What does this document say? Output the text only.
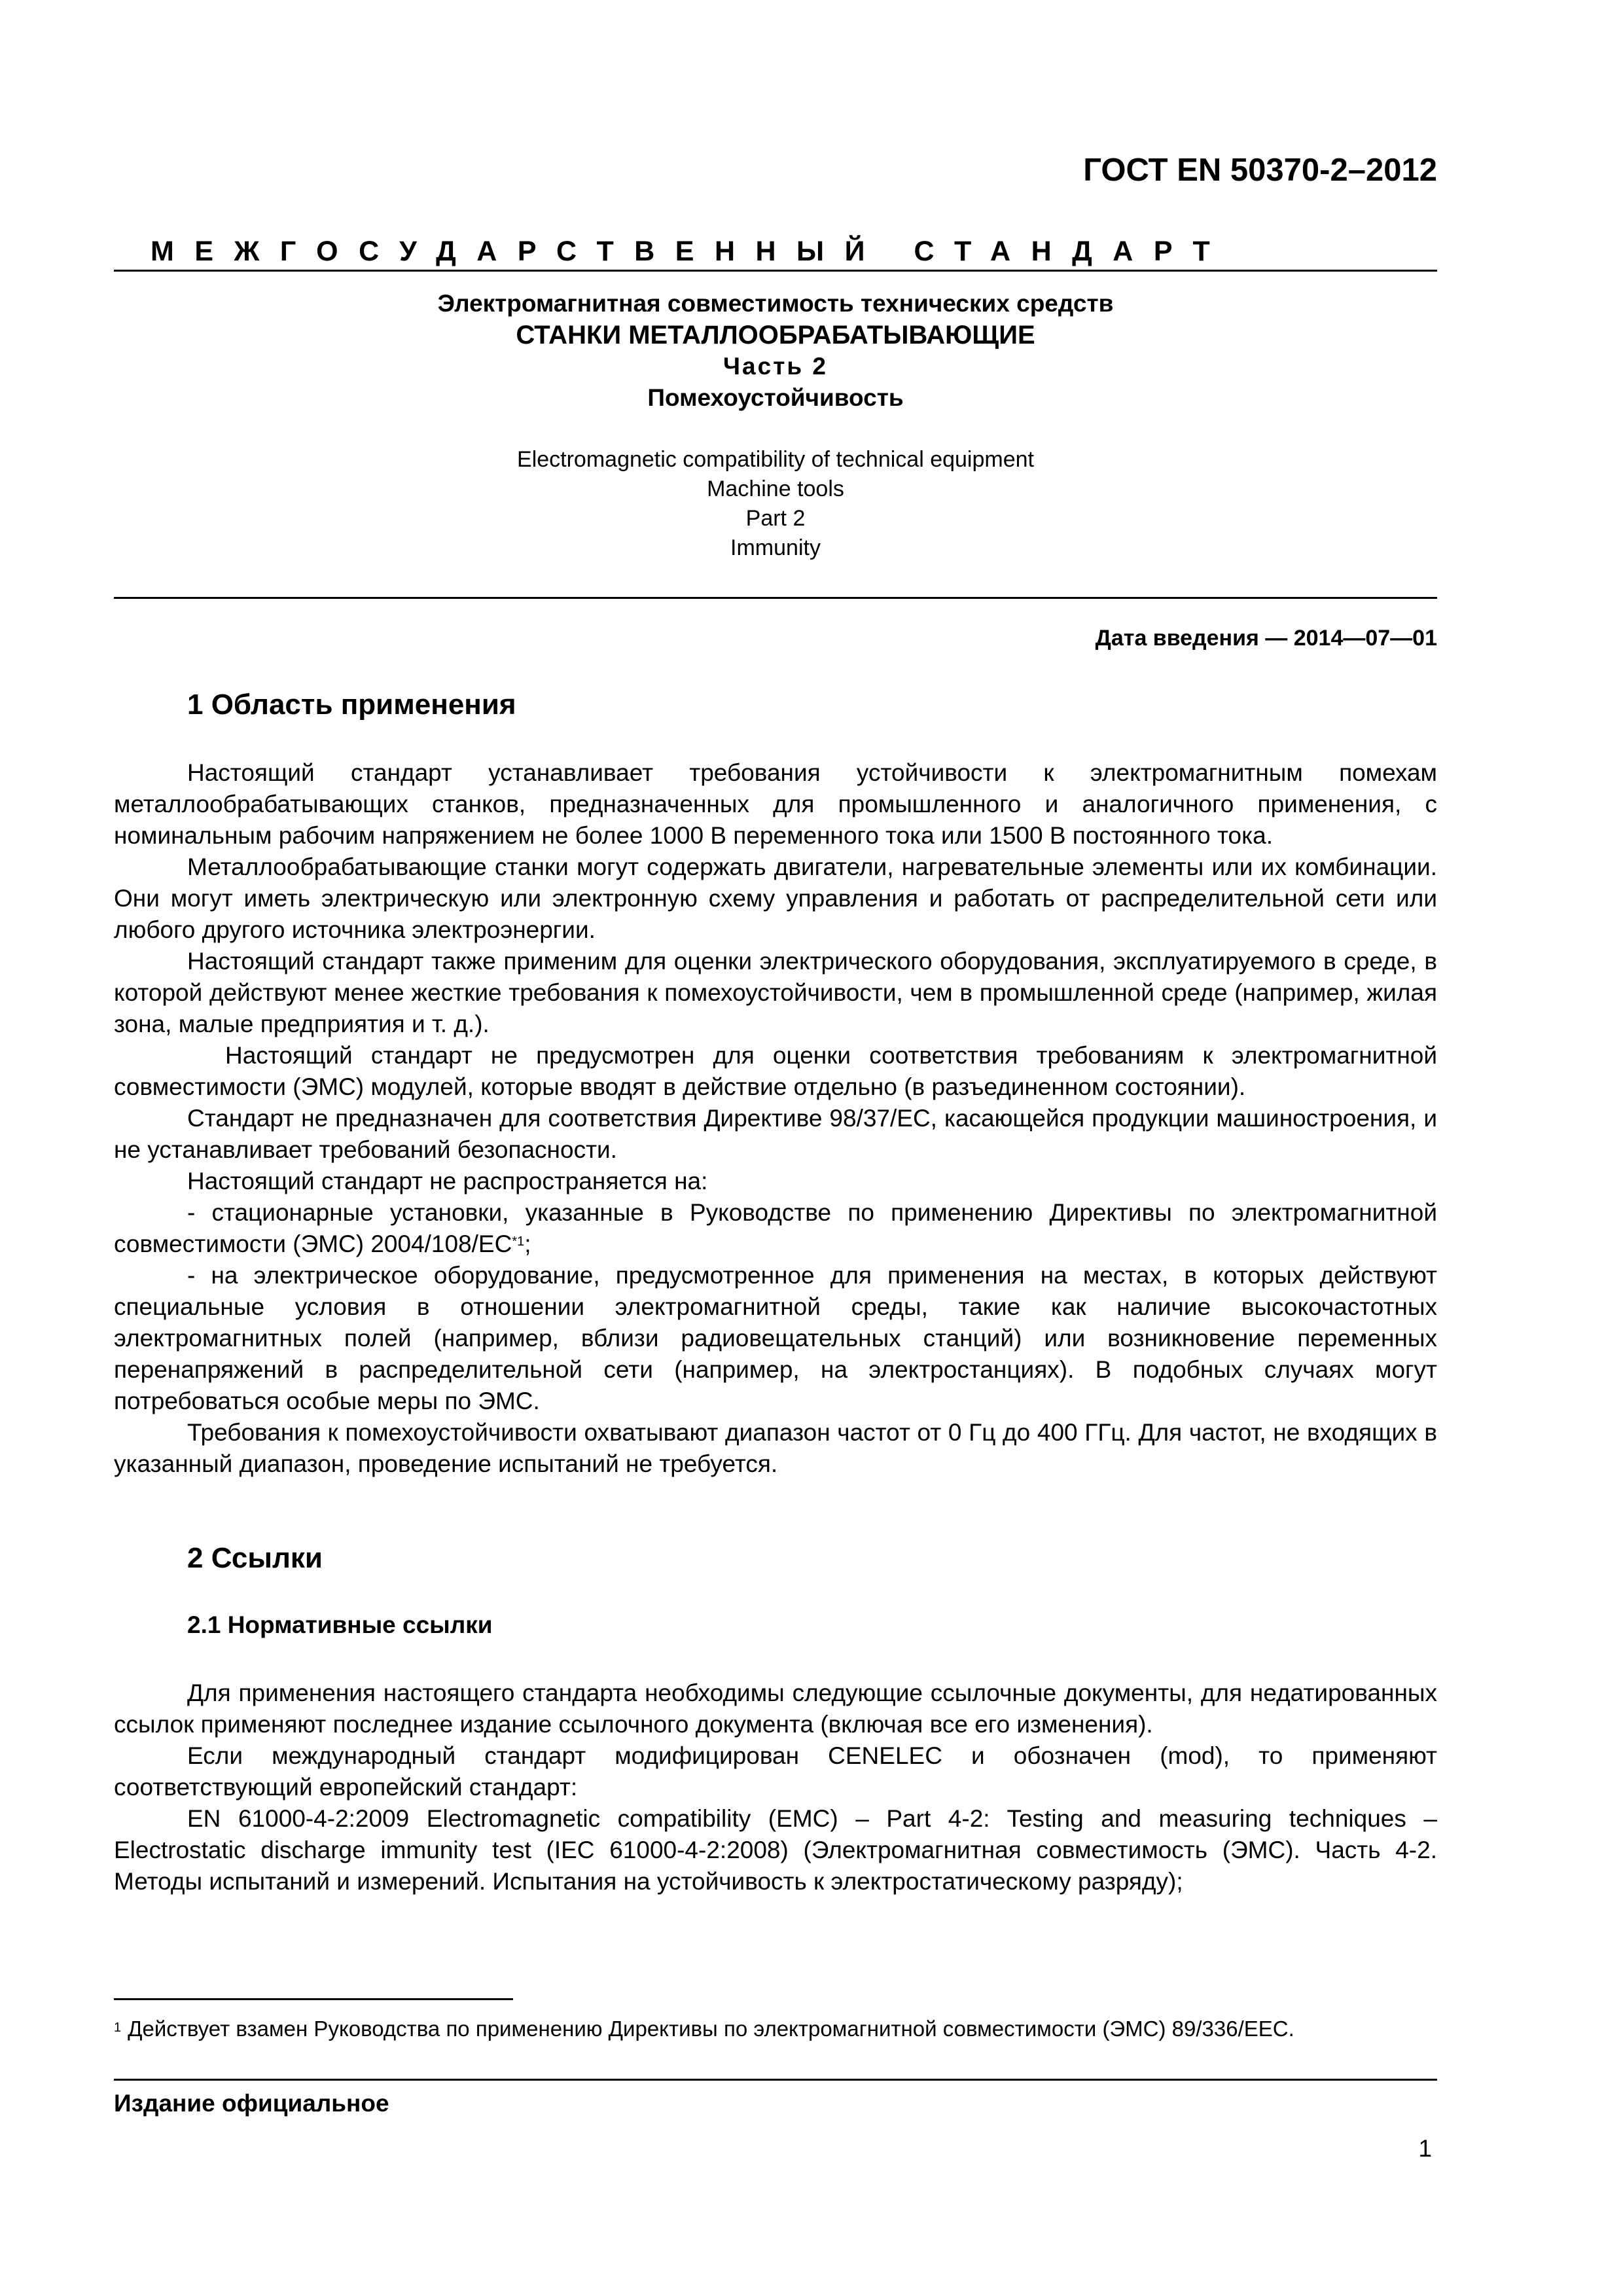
ГОСТ EN 50370-2–2012
МЕЖГОСУДАРСТВЕННЫЙ СТАНДАРТ
Электромагнитная совместимость технических средств
СТАНКИ МЕТАЛЛООБРАБАТЫВАЮЩИЕ
Часть 2
Помехоустойчивость
Electromagnetic compatibility of technical equipment
Machine tools
Part 2
Immunity
Дата введения — 2014—07—01
1 Область применения

Настоящий стандарт устанавливает требования устойчивости к электромагнитным помехам металлообрабатывающих станков, предназначенных для промышленного и аналогичного применения, с номинальным рабочим напряжением не более 1000 В переменного тока или 1500 В постоянного тока.

Металлообрабатывающие станки могут содержать двигатели, нагревательные элементы или их комбинации. Они могут иметь электрическую или электронную схему управления и работать от распределительной сети или любого другого источника электроэнергии.

Настоящий стандарт также применим для оценки электрического оборудования, эксплуатируемого в среде, в которой действуют менее жесткие требования к помехоустойчивости, чем в промышленной среде (например, жилая зона, малые предприятия и т. д.).

Настоящий стандарт не предусмотрен для оценки соответствия требованиям к электромагнитной совместимости (ЭМС) модулей, которые вводят в действие отдельно (в разъединенном состоянии).

Стандарт не предназначен для соответствия Директиве 98/37/EC, касающейся продукции машиностроения, и не устанавливает требований безопасности.

Настоящий стандарт не распространяется на:

- стационарные установки, указанные в Руководстве по применению Директивы по электромагнитной совместимости (ЭМС) 2004/108/EC$^{*1}$;

- на электрическое оборудование, предусмотренное для применения на местах, в которых действуют специальные условия в отношении электромагнитной среды, такие как наличие высокочастотных электромагнитных полей (например, вблизи радиовещательных станций) или возникновение переменных перенапряжений в распределительной сети (например, на электростанциях). В подобных случаях могут потребоваться особые меры по ЭМС.

Требования к помехоустойчивости охватывают диапазон частот от 0 Гц до 400 ГГц. Для частот, не входящих в указанный диапазон, проведение испытаний не требуется.

2 Ссылки
2.1 Нормативные ссылки

Для применения настоящего стандарта необходимы следующие ссылочные документы, для недатированных ссылок применяют последнее издание ссылочного документа (включая все его изменения).

Если международный стандарт модифицирован CENELEC и обозначен (mod), то применяют соответствующий европейский стандарт:

EN 61000-4-2:2009 Electromagnetic compatibility (EMC) – Part 4-2: Testing and measuring techniques – Electrostatic discharge immunity test (IEC 61000-4-2:2008) (Электромагнитная совместимость (ЭМС). Часть 4-2. Методы испытаний и измерений. Испытания на устойчивость к электростатическому разряду);

$^1$ Действует взамен Руководства по применению Директивы по электромагнитной совместимости (ЭМС) 89/336/EEC.
Издание официальное
1
